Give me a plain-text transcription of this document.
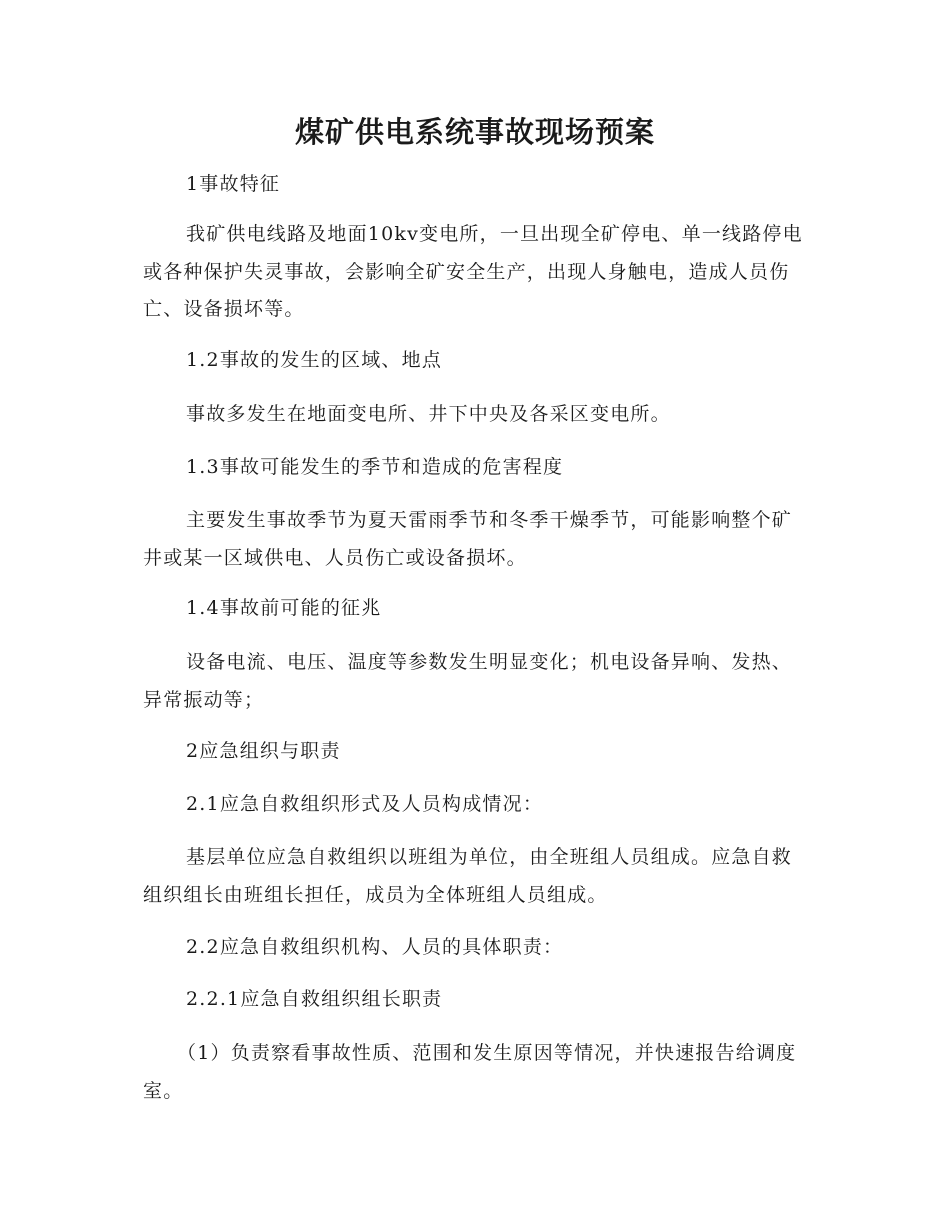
煤矿供电系统事故现场预案

1事故特征

我矿供电线路及地面10kv变电所，一旦出现全矿停电、单一线路停电或各种保护失灵事故，会影响全矿安全生产，出现人身触电，造成人员伤亡、设备损坏等。

1.2事故的发生的区域、地点

事故多发生在地面变电所、井下中央及各采区变电所。

1.3事故可能发生的季节和造成的危害程度

主要发生事故季节为夏天雷雨季节和冬季干燥季节，可能影响整个矿井或某一区域供电、人员伤亡或设备损坏。

1.4事故前可能的征兆

设备电流、电压、温度等参数发生明显变化；机电设备异响、发热、异常振动等；

2应急组织与职责

2.1应急自救组织形式及人员构成情况：

基层单位应急自救组织以班组为单位，由全班组人员组成。应急自救组织组长由班组长担任，成员为全体班组人员组成。

2.2应急自救组织机构、人员的具体职责：

2.2.1应急自救组织组长职责

（1）负责察看事故性质、范围和发生原因等情况，并快速报告给调度室。
